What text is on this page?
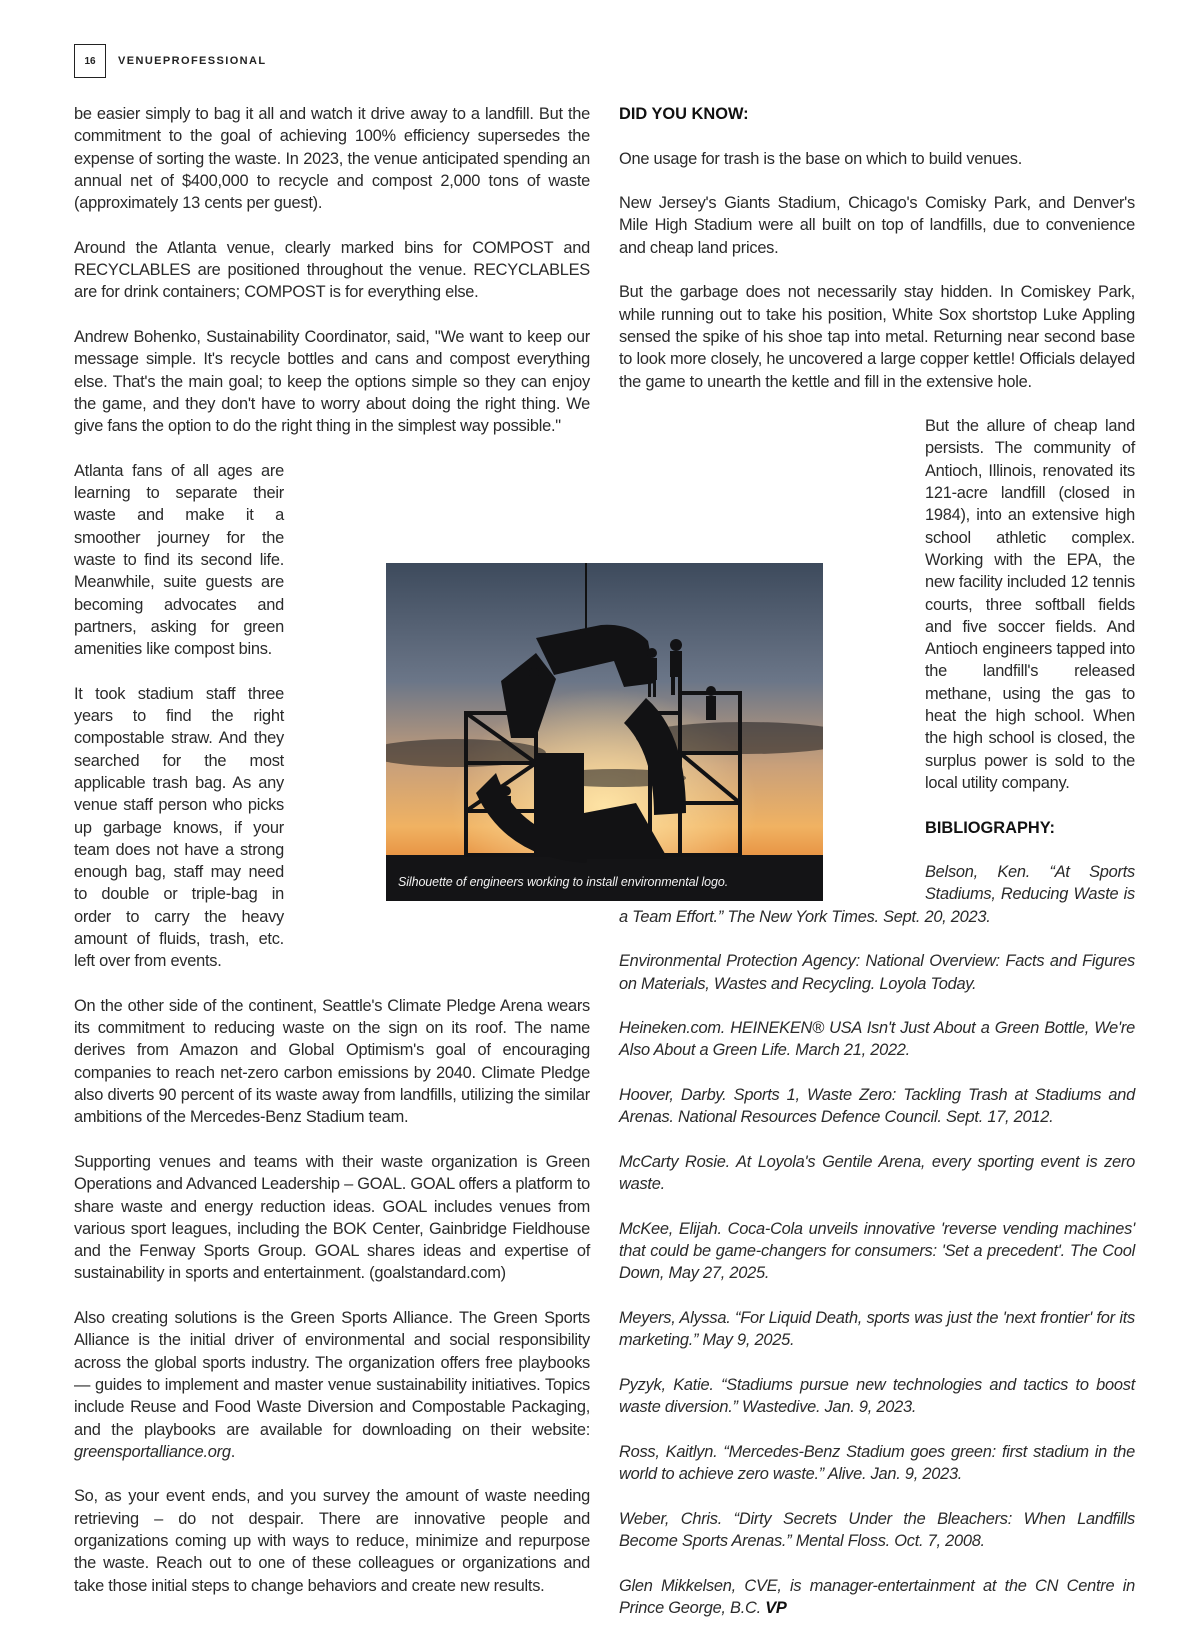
16	VENUEPROFESSIONAL

be easier simply to bag it all and watch it drive away to a landfill. But the commitment to the goal of achieving 100% efficiency supersedes the expense of sorting the waste. In 2023, the venue anticipated spending an annual net of $400,000 to recycle and compost 2,000 tons of waste (approximately 13 cents per guest).

Around the Atlanta venue, clearly marked bins for COMPOST and RECYCLABLES are positioned throughout the venue. RECYCLABLES are for drink containers; COMPOST is for everything else.

Andrew Bohenko, Sustainability Coordinator, said, "We want to keep our message simple. It's recycle bottles and cans and compost everything else. That's the main goal; to keep the options simple so they can enjoy the game, and they don't have to worry about doing the right thing. We give fans the option to do the right thing in the simplest way possible."

Atlanta fans of all ages are learning to separate their waste and make it a smoother journey for the waste to find its second life. Meanwhile, suite guests are becoming advocates and partners, asking for green amenities like compost bins.

It took stadium staff three years to find the right compostable straw. And they searched for the most applicable trash bag. As any venue staff person who picks up garbage knows, if your team does not have a strong enough bag, staff may need to double or triple-bag in order to carry the heavy amount of fluids, trash, etc. left over from events.

On the other side of the continent, Seattle's Climate Pledge Arena wears its commitment to reducing waste on the sign on its roof. The name derives from Amazon and Global Optimism's goal of encouraging companies to reach net-zero carbon emissions by 2040. Climate Pledge also diverts 90 percent of its waste away from landfills, utilizing the similar ambitions of the Mercedes-Benz Stadium team.

Supporting venues and teams with their waste organization is Green Operations and Advanced Leadership – GOAL. GOAL offers a platform to share waste and energy reduction ideas. GOAL includes venues from various sport leagues, including the BOK Center, Gainbridge Fieldhouse and the Fenway Sports Group. GOAL shares ideas and expertise of sustainability in sports and entertainment. (goalstandard.com)

Also creating solutions is the Green Sports Alliance. The Green Sports Alliance is the initial driver of environmental and social responsibility across the global sports industry. The organization offers free playbooks — guides to implement and master venue sustainability initiatives. Topics include Reuse and Food Waste Diversion and Compostable Packaging, and the playbooks are available for downloading on their website: greensportalliance.org.

So, as your event ends, and you survey the amount of waste needing retrieving – do not despair. There are innovative people and organizations coming up with ways to reduce, minimize and repurpose the waste. Reach out to one of these colleagues or organizations and take those initial steps to change behaviors and create new results.

DID YOU KNOW:

One usage for trash is the base on which to build venues.

New Jersey's Giants Stadium, Chicago's Comisky Park, and Denver's Mile High Stadium were all built on top of landfills, due to convenience and cheap land prices.

But the garbage does not necessarily stay hidden. In Comiskey Park, while running out to take his position, White Sox shortstop Luke Appling sensed the spike of his shoe tap into metal. Returning near second base to look more closely, he uncovered a large copper kettle! Officials delayed the game to unearth the kettle and fill in the extensive hole.

But the allure of cheap land persists. The community of Antioch, Illinois, renovated its 121-acre landfill (closed in 1984), into an extensive high school athletic complex. Working with the EPA, the new facility included 12 tennis courts, three softball fields and five soccer fields. And Antioch engineers tapped into the landfill's released methane, using the gas to heat the high school. When the high school is closed, the surplus power is sold to the local utility company.

BIBLIOGRAPHY:

Belson, Ken. “At Sports Stadiums, Reducing Waste is a Team Effort.” The New York Times. Sept. 20, 2023.

Environmental Protection Agency: National Overview: Facts and Figures on Materials, Wastes and Recycling. Loyola Today.

Heineken.com. HEINEKEN® USA Isn't Just About a Green Bottle, We're Also About a Green Life. March 21, 2022.

Hoover, Darby. Sports 1, Waste Zero: Tackling Trash at Stadiums and Arenas. National Resources Defence Council. Sept. 17, 2012.

McCarty Rosie. At Loyola's Gentile Arena, every sporting event is zero waste.

McKee, Elijah. Coca-Cola unveils innovative 'reverse vending machines' that could be game-changers for consumers: 'Set a precedent'. The Cool Down, May 27, 2025.

Meyers, Alyssa. “For Liquid Death, sports was just the 'next frontier' for its marketing.” May 9, 2025.

Pyzyk, Katie. “Stadiums pursue new technologies and tactics to boost waste diversion.” Wastedive. Jan. 9, 2023.

Ross, Kaitlyn. “Mercedes-Benz Stadium goes green: first stadium in the world to achieve zero waste.” Alive. Jan. 9, 2023.

Weber, Chris. “Dirty Secrets Under the Bleachers: When Landfills Become Sports Arenas.” Mental Floss. Oct. 7, 2008.

Glen Mikkelsen, CVE, is manager-entertainment at the CN Centre in Prince George, B.C. VP

Silhouette of engineers working to install environmental logo.
